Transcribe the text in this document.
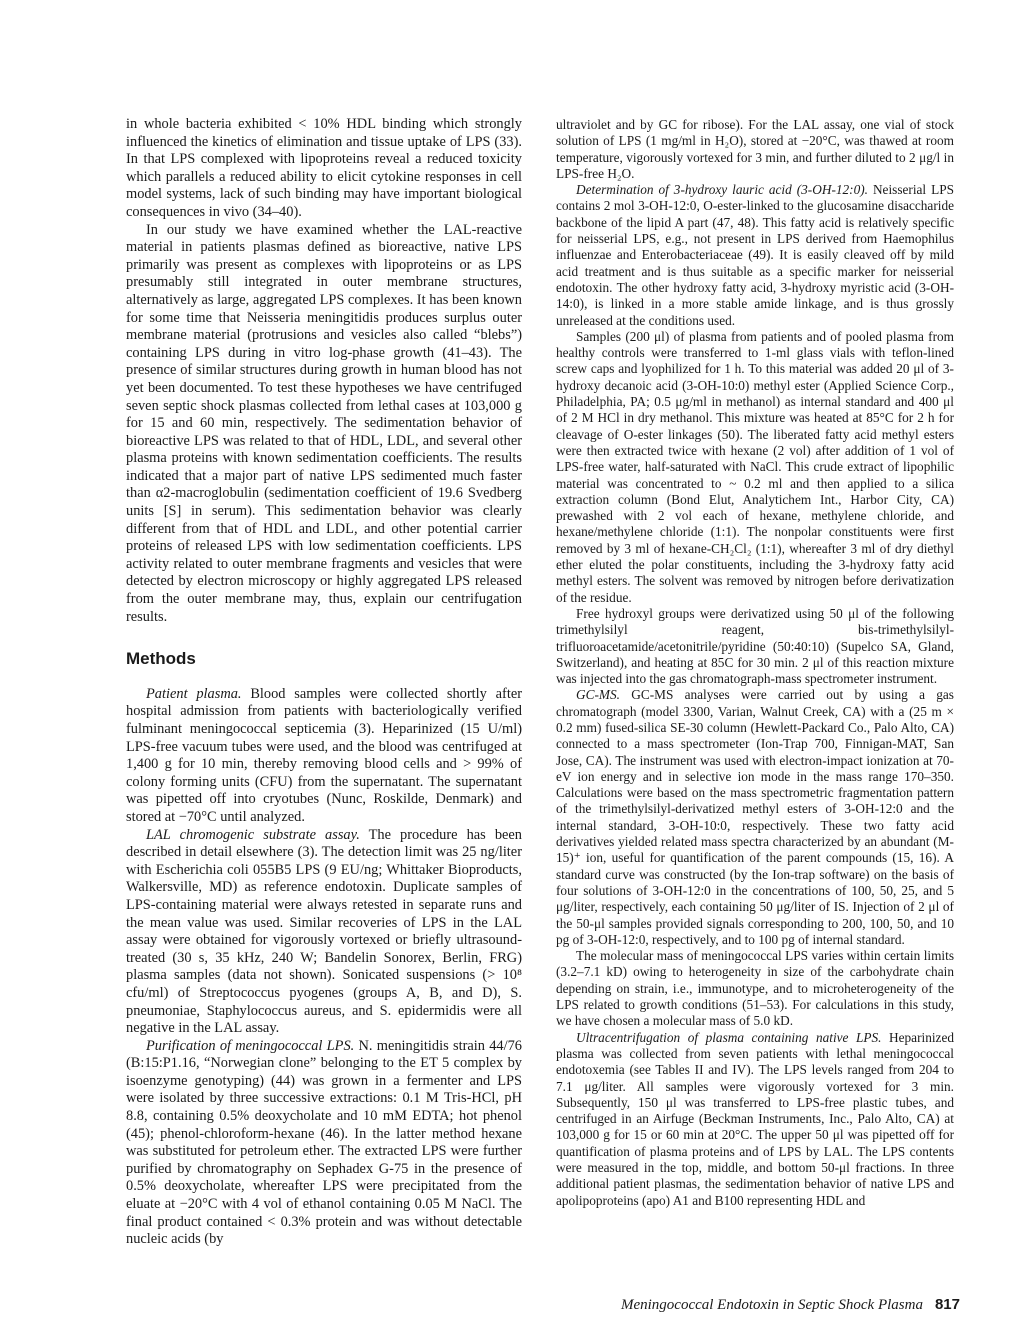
in whole bacteria exhibited < 10% HDL binding which strongly influenced the kinetics of elimination and tissue uptake of LPS (33). In that LPS complexed with lipoproteins reveal a reduced toxicity which parallels a reduced ability to elicit cytokine responses in cell model systems, lack of such binding may have important biological consequences in vivo (34–40).

In our study we have examined whether the LAL-reactive material in patients plasmas defined as bioreactive, native LPS primarily was present as complexes with lipoproteins or as LPS presumably still integrated in outer membrane structures, alternatively as large, aggregated LPS complexes. It has been known for some time that Neisseria meningitidis produces surplus outer membrane material (protrusions and vesicles also called “blebs”) containing LPS during in vitro log-phase growth (41–43). The presence of similar structures during growth in human blood has not yet been documented. To test these hypotheses we have centrifuged seven septic shock plasmas collected from lethal cases at 103,000 g for 15 and 60 min, respectively. The sedimentation behavior of bioreactive LPS was related to that of HDL, LDL, and several other plasma proteins with known sedimentation coefficients. The results indicated that a major part of native LPS sedimented much faster than α2-macroglobulin (sedimentation coefficient of 19.6 Svedberg units [S] in serum). This sedimentation behavior was clearly different from that of HDL and LDL, and other potential carrier proteins of released LPS with low sedimentation coefficients. LPS activity related to outer membrane fragments and vesicles that were detected by electron microscopy or highly aggregated LPS released from the outer membrane may, thus, explain our centrifugation results.

Methods

Patient plasma. Blood samples were collected shortly after hospital admission from patients with bacteriologically verified fulminant meningococcal septicemia (3). Heparinized (15 U/ml) LPS-free vacuum tubes were used, and the blood was centrifuged at 1,400 g for 10 min, thereby removing blood cells and > 99% of colony forming units (CFU) from the supernatant. The supernatant was pipetted off into cryotubes (Nunc, Roskilde, Denmark) and stored at −70°C until analyzed.

LAL chromogenic substrate assay. The procedure has been described in detail elsewhere (3). The detection limit was 25 ng/liter with Escherichia coli 055B5 LPS (9 EU/ng; Whittaker Bioproducts, Walkersville, MD) as reference endotoxin. Duplicate samples of LPS-containing material were always retested in separate runs and the mean value was used. Similar recoveries of LPS in the LAL assay were obtained for vigorously vortexed or briefly ultrasound-treated (30 s, 35 kHz, 240 W; Bandelin Sonorex, Berlin, FRG) plasma samples (data not shown). Sonicated suspensions (> 10⁸ cfu/ml) of Streptococcus pyogenes (groups A, B, and D), S. pneumoniae, Staphylococcus aureus, and S. epidermidis were all negative in the LAL assay.

Purification of meningococcal LPS. N. meningitidis strain 44/76 (B:15:P1.16, “Norwegian clone” belonging to the ET 5 complex by isoenzyme genotyping) (44) was grown in a fermenter and LPS were isolated by three successive extractions: 0.1 M Tris-HCl, pH 8.8, containing 0.5% deoxycholate and 10 mM EDTA; hot phenol (45); phenol-chloroform-hexane (46). In the latter method hexane was substituted for petroleum ether. The extracted LPS were further purified by chromatography on Sephadex G-75 in the presence of 0.5% deoxycholate, whereafter LPS were precipitated from the eluate at −20°C with 4 vol of ethanol containing 0.05 M NaCl. The final product contained < 0.3% protein and was without detectable nucleic acids (by

ultraviolet and by GC for ribose). For the LAL assay, one vial of stock solution of LPS (1 mg/ml in H₂O), stored at −20°C, was thawed at room temperature, vigorously vortexed for 3 min, and further diluted to 2 μg/l in LPS-free H₂O.

Determination of 3-hydroxy lauric acid (3-OH-12:0). Neisserial LPS contains 2 mol 3-OH-12:0, O-ester-linked to the glucosamine disaccharide backbone of the lipid A part (47, 48). This fatty acid is relatively specific for neisserial LPS, e.g., not present in LPS derived from Haemophilus influenzae and Enterobacteriaceae (49). It is easily cleaved off by mild acid treatment and is thus suitable as a specific marker for neisserial endotoxin. The other hydroxy fatty acid, 3-hydroxy myristic acid (3-OH-14:0), is linked in a more stable amide linkage, and is thus grossly unreleased at the conditions used.

Samples (200 μl) of plasma from patients and of pooled plasma from healthy controls were transferred to 1-ml glass vials with teflon-lined screw caps and lyophilized for 1 h. To this material was added 20 μl of 3-hydroxy decanoic acid (3-OH-10:0) methyl ester (Applied Science Corp., Philadelphia, PA; 0.5 μg/ml in methanol) as internal standard and 400 μl of 2 M HCl in dry methanol. This mixture was heated at 85°C for 2 h for cleavage of O-ester linkages (50). The liberated fatty acid methyl esters were then extracted twice with hexane (2 vol) after addition of 1 vol of LPS-free water, half-saturated with NaCl. This crude extract of lipophilic material was concentrated to ~ 0.2 ml and then applied to a silica extraction column (Bond Elut, Analytichem Int., Harbor City, CA) prewashed with 2 vol each of hexane, methylene chloride, and hexane/methylene chloride (1:1). The nonpolar constituents were first removed by 3 ml of hexane-CH₂Cl₂ (1:1), whereafter 3 ml of dry diethyl ether eluted the polar constituents, including the 3-hydroxy fatty acid methyl esters. The solvent was removed by nitrogen before derivatization of the residue.

Free hydroxyl groups were derivatized using 50 μl of the following trimethylsilyl reagent, bis-trimethylsilyl-trifluoroacetamide/acetonitrile/pyridine (50:40:10) (Supelco SA, Gland, Switzerland), and heating at 85C for 30 min. 2 μl of this reaction mixture was injected into the gas chromatograph-mass spectrometer instrument.

GC-MS. GC-MS analyses were carried out by using a gas chromatograph (model 3300, Varian, Walnut Creek, CA) with a (25 m × 0.2 mm) fused-silica SE-30 column (Hewlett-Packard Co., Palo Alto, CA) connected to a mass spectrometer (Ion-Trap 700, Finnigan-MAT, San Jose, CA). The instrument was used with electron-impact ionization at 70-eV ion energy and in selective ion mode in the mass range 170–350. Calculations were based on the mass spectrometric fragmentation pattern of the trimethylsilyl-derivatized methyl esters of 3-OH-12:0 and the internal standard, 3-OH-10:0, respectively. These two fatty acid derivatives yielded related mass spectra characterized by an abundant (M-15)⁺ ion, useful for quantification of the parent compounds (15, 16). A standard curve was constructed (by the Ion-trap software) on the basis of four solutions of 3-OH-12:0 in the concentrations of 100, 50, 25, and 5 μg/liter, respectively, each containing 50 μg/liter of IS. Injection of 2 μl of the 50-μl samples provided signals corresponding to 200, 100, 50, and 10 pg of 3-OH-12:0, respectively, and to 100 pg of internal standard.

The molecular mass of meningococcal LPS varies within certain limits (3.2–7.1 kD) owing to heterogeneity in size of the carbohydrate chain depending on strain, i.e., immunotype, and to microheterogeneity of the LPS related to growth conditions (51–53). For calculations in this study, we have chosen a molecular mass of 5.0 kD.

Ultracentrifugation of plasma containing native LPS. Heparinized plasma was collected from seven patients with lethal meningococcal endotoxemia (see Tables II and IV). The LPS levels ranged from 204 to 7.1 μg/liter. All samples were vigorously vortexed for 3 min. Subsequently, 150 μl was transferred to LPS-free plastic tubes, and centrifuged in an Airfuge (Beckman Instruments, Inc., Palo Alto, CA) at 103,000 g for 15 or 60 min at 20°C. The upper 50 μl was pipetted off for quantification of plasma proteins and of LPS by LAL. The LPS contents were measured in the top, middle, and bottom 50-μl fractions. In three additional patient plasmas, the sedimentation behavior of native LPS and apolipoproteins (apo) A1 and B100 representing HDL and

Meningococcal Endotoxin in Septic Shock Plasma 817
